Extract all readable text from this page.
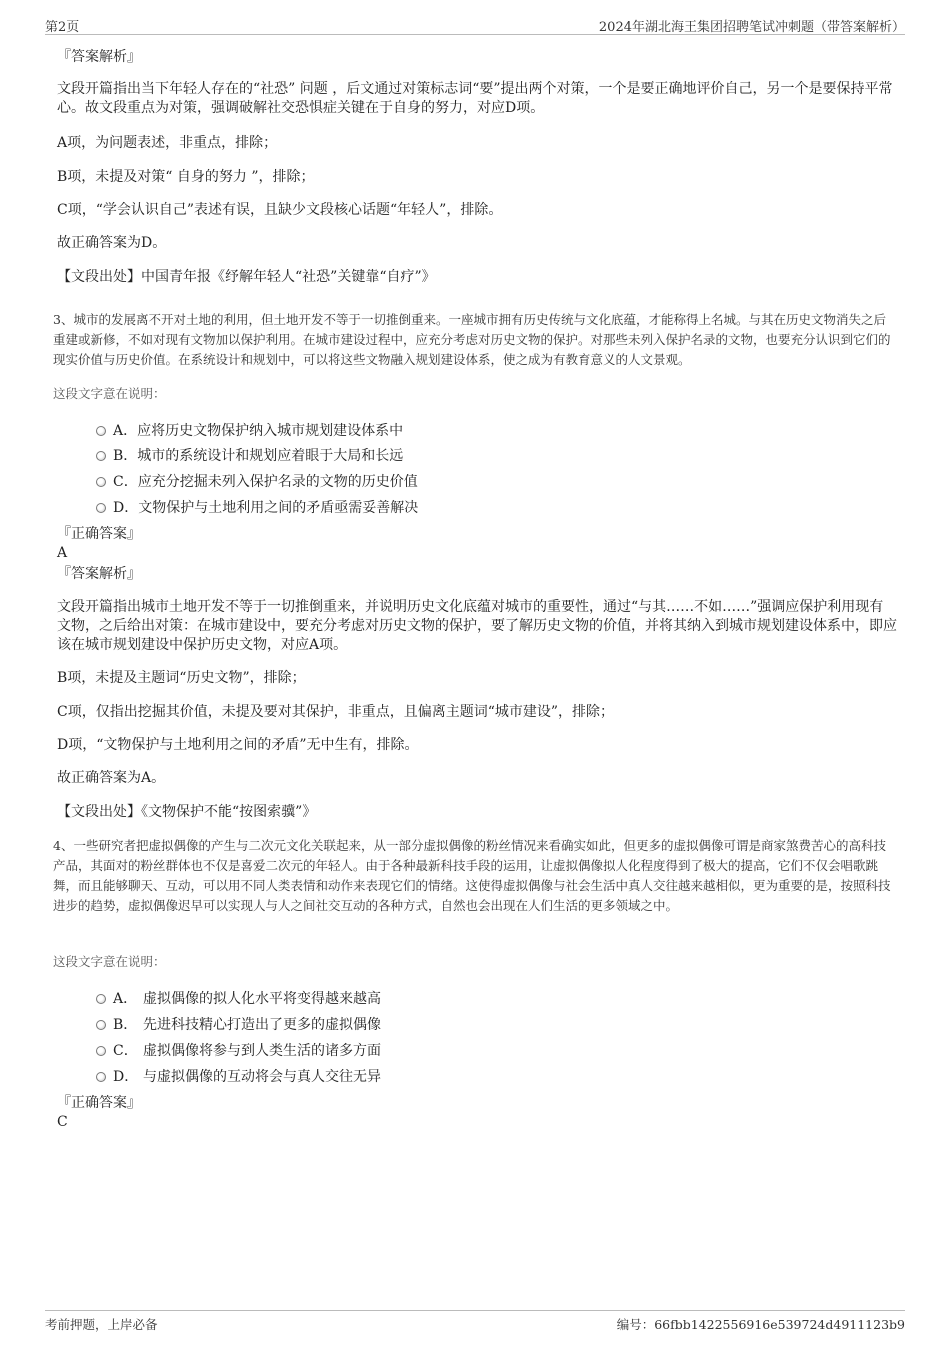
第2页	2024年湖北海王集团招聘笔试冲刺题（带答案解析）
『答案解析』
文段开篇指出当下年轻人存在的“社恐” 问题 ，后文通过对策标志词“要”提出两个对策，一个是要正确地评价自己，另一个是要保持平常心。故文段重点为对策，强调破解社交恐惧症关键在于自身的努力，对应D项。
A项，为问题表述，非重点，排除；
B项，未提及对策“ 自身的努力 ”，排除；
C项，“学会认识自己”表述有误，且缺少文段核心话题“年轻人”，排除。
故正确答案为D。
【文段出处】中国青年报《纾解年轻人“社恐”关键靠“自疗”》
3、城市的发展离不开对土地的利用，但土地开发不等于一切推倒重来。一座城市拥有历史传统与文化底蕴，才能称得上名城。与其在历史文物消失之后重建或新修，不如对现有文物加以保护利用。在城市建设过程中，应充分考虑对历史文物的保护。对那些未列入保护名录的文物，也要充分认识到它们的现实价值与历史价值。在系统设计和规划中，可以将这些文物融入规划建设体系，使之成为有教育意义的人文景观。
这段文字意在说明：
A．应将历史文物保护纳入城市规划建设体系中
B．城市的系统设计和规划应着眼于大局和长远
C．应充分挖掘未列入保护名录的文物的历史价值
D．文物保护与土地利用之间的矛盾亟需妥善解决
『正确答案』
A
『答案解析』
文段开篇指出城市土地开发不等于一切推倒重来，并说明历史文化底蕴对城市的重要性，通过“与其……不如……”强调应保护利用现有文物，之后给出对策：在城市建设中，要充分考虑对历史文物的保护，要了解历史文物的价值，并将其纳入到城市规划建设体系中，即应该在城市规划建设中保护历史文物，对应A项。
B项，未提及主题词“历史文物”，排除；
C项，仅指出挖掘其价值，未提及要对其保护，非重点，且偏离主题词“城市建设”，排除；
D项，“文物保护与土地利用之间的矛盾”无中生有，排除。
故正确答案为A。
【文段出处】《文物保护不能“按图索骥”》
4、一些研究者把虚拟偶像的产生与二次元文化关联起来，从一部分虚拟偶像的粉丝情况来看确实如此，但更多的虚拟偶像可谓是商家煞费苦心的高科技产品，其面对的粉丝群体也不仅是喜爱二次元的年轻人。由于各种最新科技手段的运用，让虚拟偶像拟人化程度得到了极大的提高，它们不仅会唱歌跳舞，而且能够聊天、互动，可以用不同人类表情和动作来表现它们的情绪。这使得虚拟偶像与社会生活中真人交往越来越相似，更为重要的是，按照科技进步的趋势，虚拟偶像迟早可以实现人与人之间社交互动的各种方式，自然也会出现在人们生活的更多领域之中。
这段文字意在说明：
A． 虚拟偶像的拟人化水平将变得越来越高
B． 先进科技精心打造出了更多的虚拟偶像
C． 虚拟偶像将参与到人类生活的诸多方面
D． 与虚拟偶像的互动将会与真人交往无异
『正确答案』
C
考前押题，上岸必备	编号：66fbb1422556916e539724d4911123b9
